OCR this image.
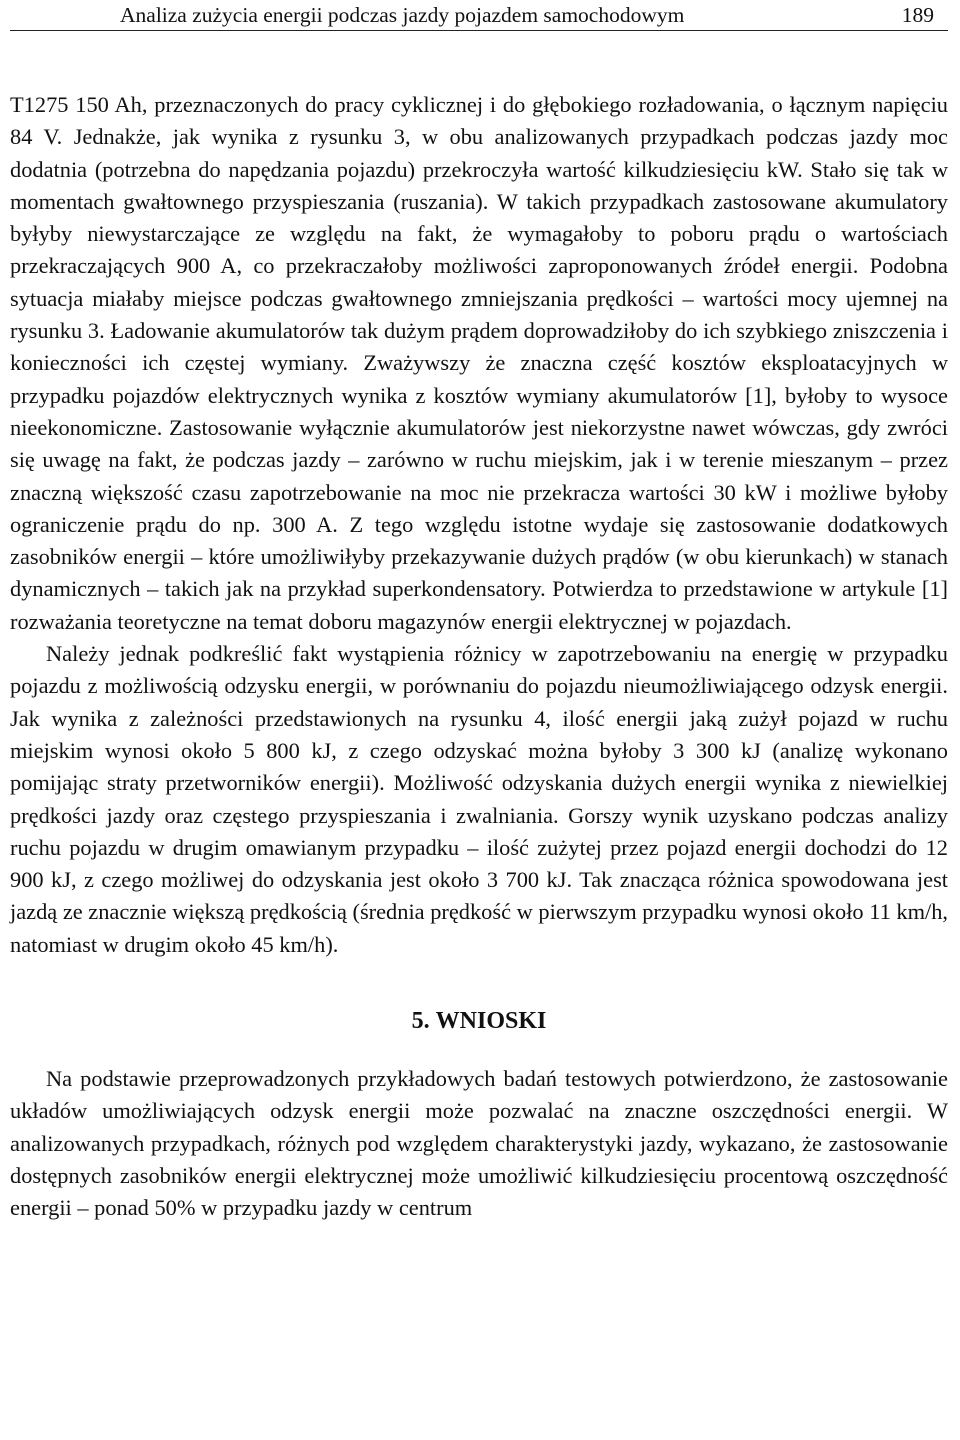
Analiza zużycia energii podczas jazdy pojazdem samochodowym	189

T1275 150 Ah, przeznaczonych do pracy cyklicznej i do głębokiego rozładowania, o łącznym napięciu 84 V. Jednakże, jak wynika z rysunku 3, w obu analizowanych przypadkach podczas jazdy moc dodatnia (potrzebna do napędzania pojazdu) przekroczyła wartość kilkudziesięciu kW. Stało się tak w momentach gwałtownego przyspieszania (ruszania). W takich przypadkach zastosowane akumulatory byłyby niewystarczające ze względu na fakt, że wymagałoby to poboru prądu o wartościach przekraczających 900 A, co przekraczałoby możliwości zaproponowanych źródeł energii. Podobna sytuacja miałaby miejsce podczas gwałtownego zmniejszania prędkości – wartości mocy ujemnej na rysunku 3. Ładowanie akumulatorów tak dużym prądem doprowadziłoby do ich szybkiego zniszczenia i konieczności ich częstej wymiany. Zważywszy że znaczna część kosztów eksploatacyjnych w przypadku pojazdów elektrycznych wynika z kosztów wymiany akumulatorów [1], byłoby to wysoce nieekonomiczne. Zastosowanie wyłącznie akumulatorów jest niekorzystne nawet wówczas, gdy zwróci się uwagę na fakt, że podczas jazdy – zarówno w ruchu miejskim, jak i w terenie mieszanym – przez znaczną większość czasu zapotrzebowanie na moc nie przekracza wartości 30 kW i możliwe byłoby ograniczenie prądu do np. 300 A. Z tego względu istotne wydaje się zastosowanie dodatkowych zasobników energii – które umożliwiłyby przekazywanie dużych prądów (w obu kierunkach) w stanach dynamicznych – takich jak na przykład superkondensatory. Potwierdza to przedstawione w artykule [1] rozważania teoretyczne na temat doboru magazynów energii elektrycznej w pojazdach.

Należy jednak podkreślić fakt wystąpienia różnicy w zapotrzebowaniu na energię w przypadku pojazdu z możliwością odzysku energii, w porównaniu do pojazdu nieumożliwiającego odzysk energii. Jak wynika z zależności przedstawionych na rysunku 4, ilość energii jaką zużył pojazd w ruchu miejskim wynosi około 5 800 kJ, z czego odzyskać można byłoby 3 300 kJ (analizę wykonano pomijając straty przetworników energii). Możliwość odzyskania dużych energii wynika z niewielkiej prędkości jazdy oraz częstego przyspieszania i zwalniania. Gorszy wynik uzyskano podczas analizy ruchu pojazdu w drugim omawianym przypadku – ilość zużytej przez pojazd energii dochodzi do 12 900 kJ, z czego możliwej do odzyskania jest około 3 700 kJ. Tak znacząca różnica spowodowana jest jazdą ze znacznie większą prędkością (średnia prędkość w pierwszym przypadku wynosi około 11 km/h, natomiast w drugim około 45 km/h).

5. WNIOSKI

Na podstawie przeprowadzonych przykładowych badań testowych potwierdzono, że zastosowanie układów umożliwiających odzysk energii może pozwalać na znaczne oszczędności energii. W analizowanych przypadkach, różnych pod względem charakterystyki jazdy, wykazano, że zastosowanie dostępnych zasobników energii elektrycznej może umożliwić kilkudziesięciu procentową oszczędność energii – ponad 50% w przypadku jazdy w centrum
